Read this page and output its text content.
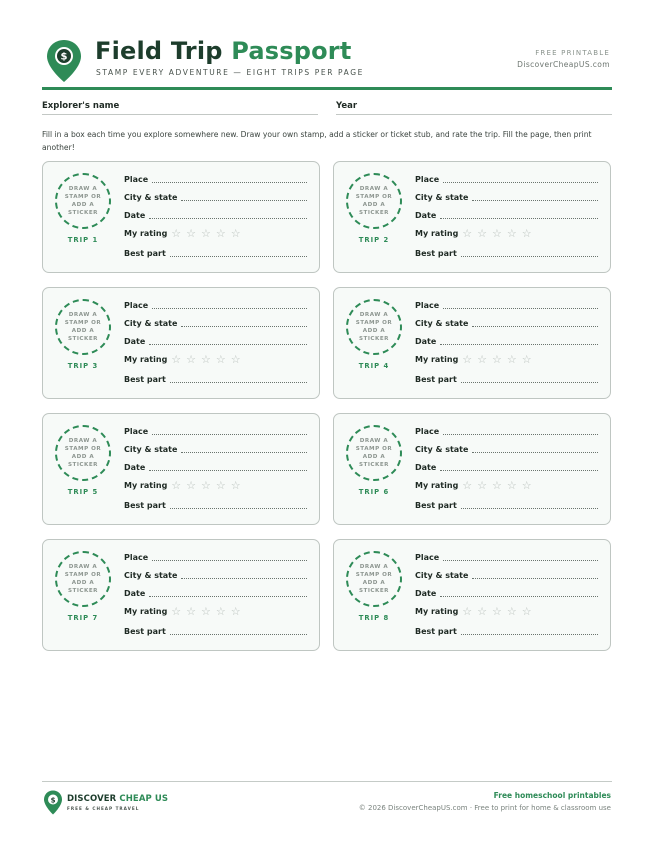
$ Field Trip Passport
STAMP EVERY ADVENTURE — EIGHT TRIPS PER PAGE
FREE PRINTABLE
DiscoverCheapUS.com
Explorer's name	Year
Fill in a box each time you explore somewhere new. Draw your own stamp, add a sticker or ticket stub, and rate the trip. Fill the page, then print another!
DRAW A STAMP OR ADD A STICKER
TRIP 1
Place
City & state
Date
My rating ☆ ☆ ☆ ☆ ☆
Best part
DRAW A STAMP OR ADD A STICKER
TRIP 2
Place
City & state
Date
My rating ☆ ☆ ☆ ☆ ☆
Best part
DRAW A STAMP OR ADD A STICKER
TRIP 3
Place
City & state
Date
My rating ☆ ☆ ☆ ☆ ☆
Best part
DRAW A STAMP OR ADD A STICKER
TRIP 4
Place
City & state
Date
My rating ☆ ☆ ☆ ☆ ☆
Best part
DRAW A STAMP OR ADD A STICKER
TRIP 5
Place
City & state
Date
My rating ☆ ☆ ☆ ☆ ☆
Best part
DRAW A STAMP OR ADD A STICKER
TRIP 6
Place
City & state
Date
My rating ☆ ☆ ☆ ☆ ☆
Best part
DRAW A STAMP OR ADD A STICKER
TRIP 7
Place
City & state
Date
My rating ☆ ☆ ☆ ☆ ☆
Best part
DRAW A STAMP OR ADD A STICKER
TRIP 8
Place
City & state
Date
My rating ☆ ☆ ☆ ☆ ☆
Best part
$ DISCOVER CHEAP US
FREE & CHEAP TRAVEL
Free homeschool printables
© 2026 DiscoverCheapUS.com · Free to print for home & classroom use
